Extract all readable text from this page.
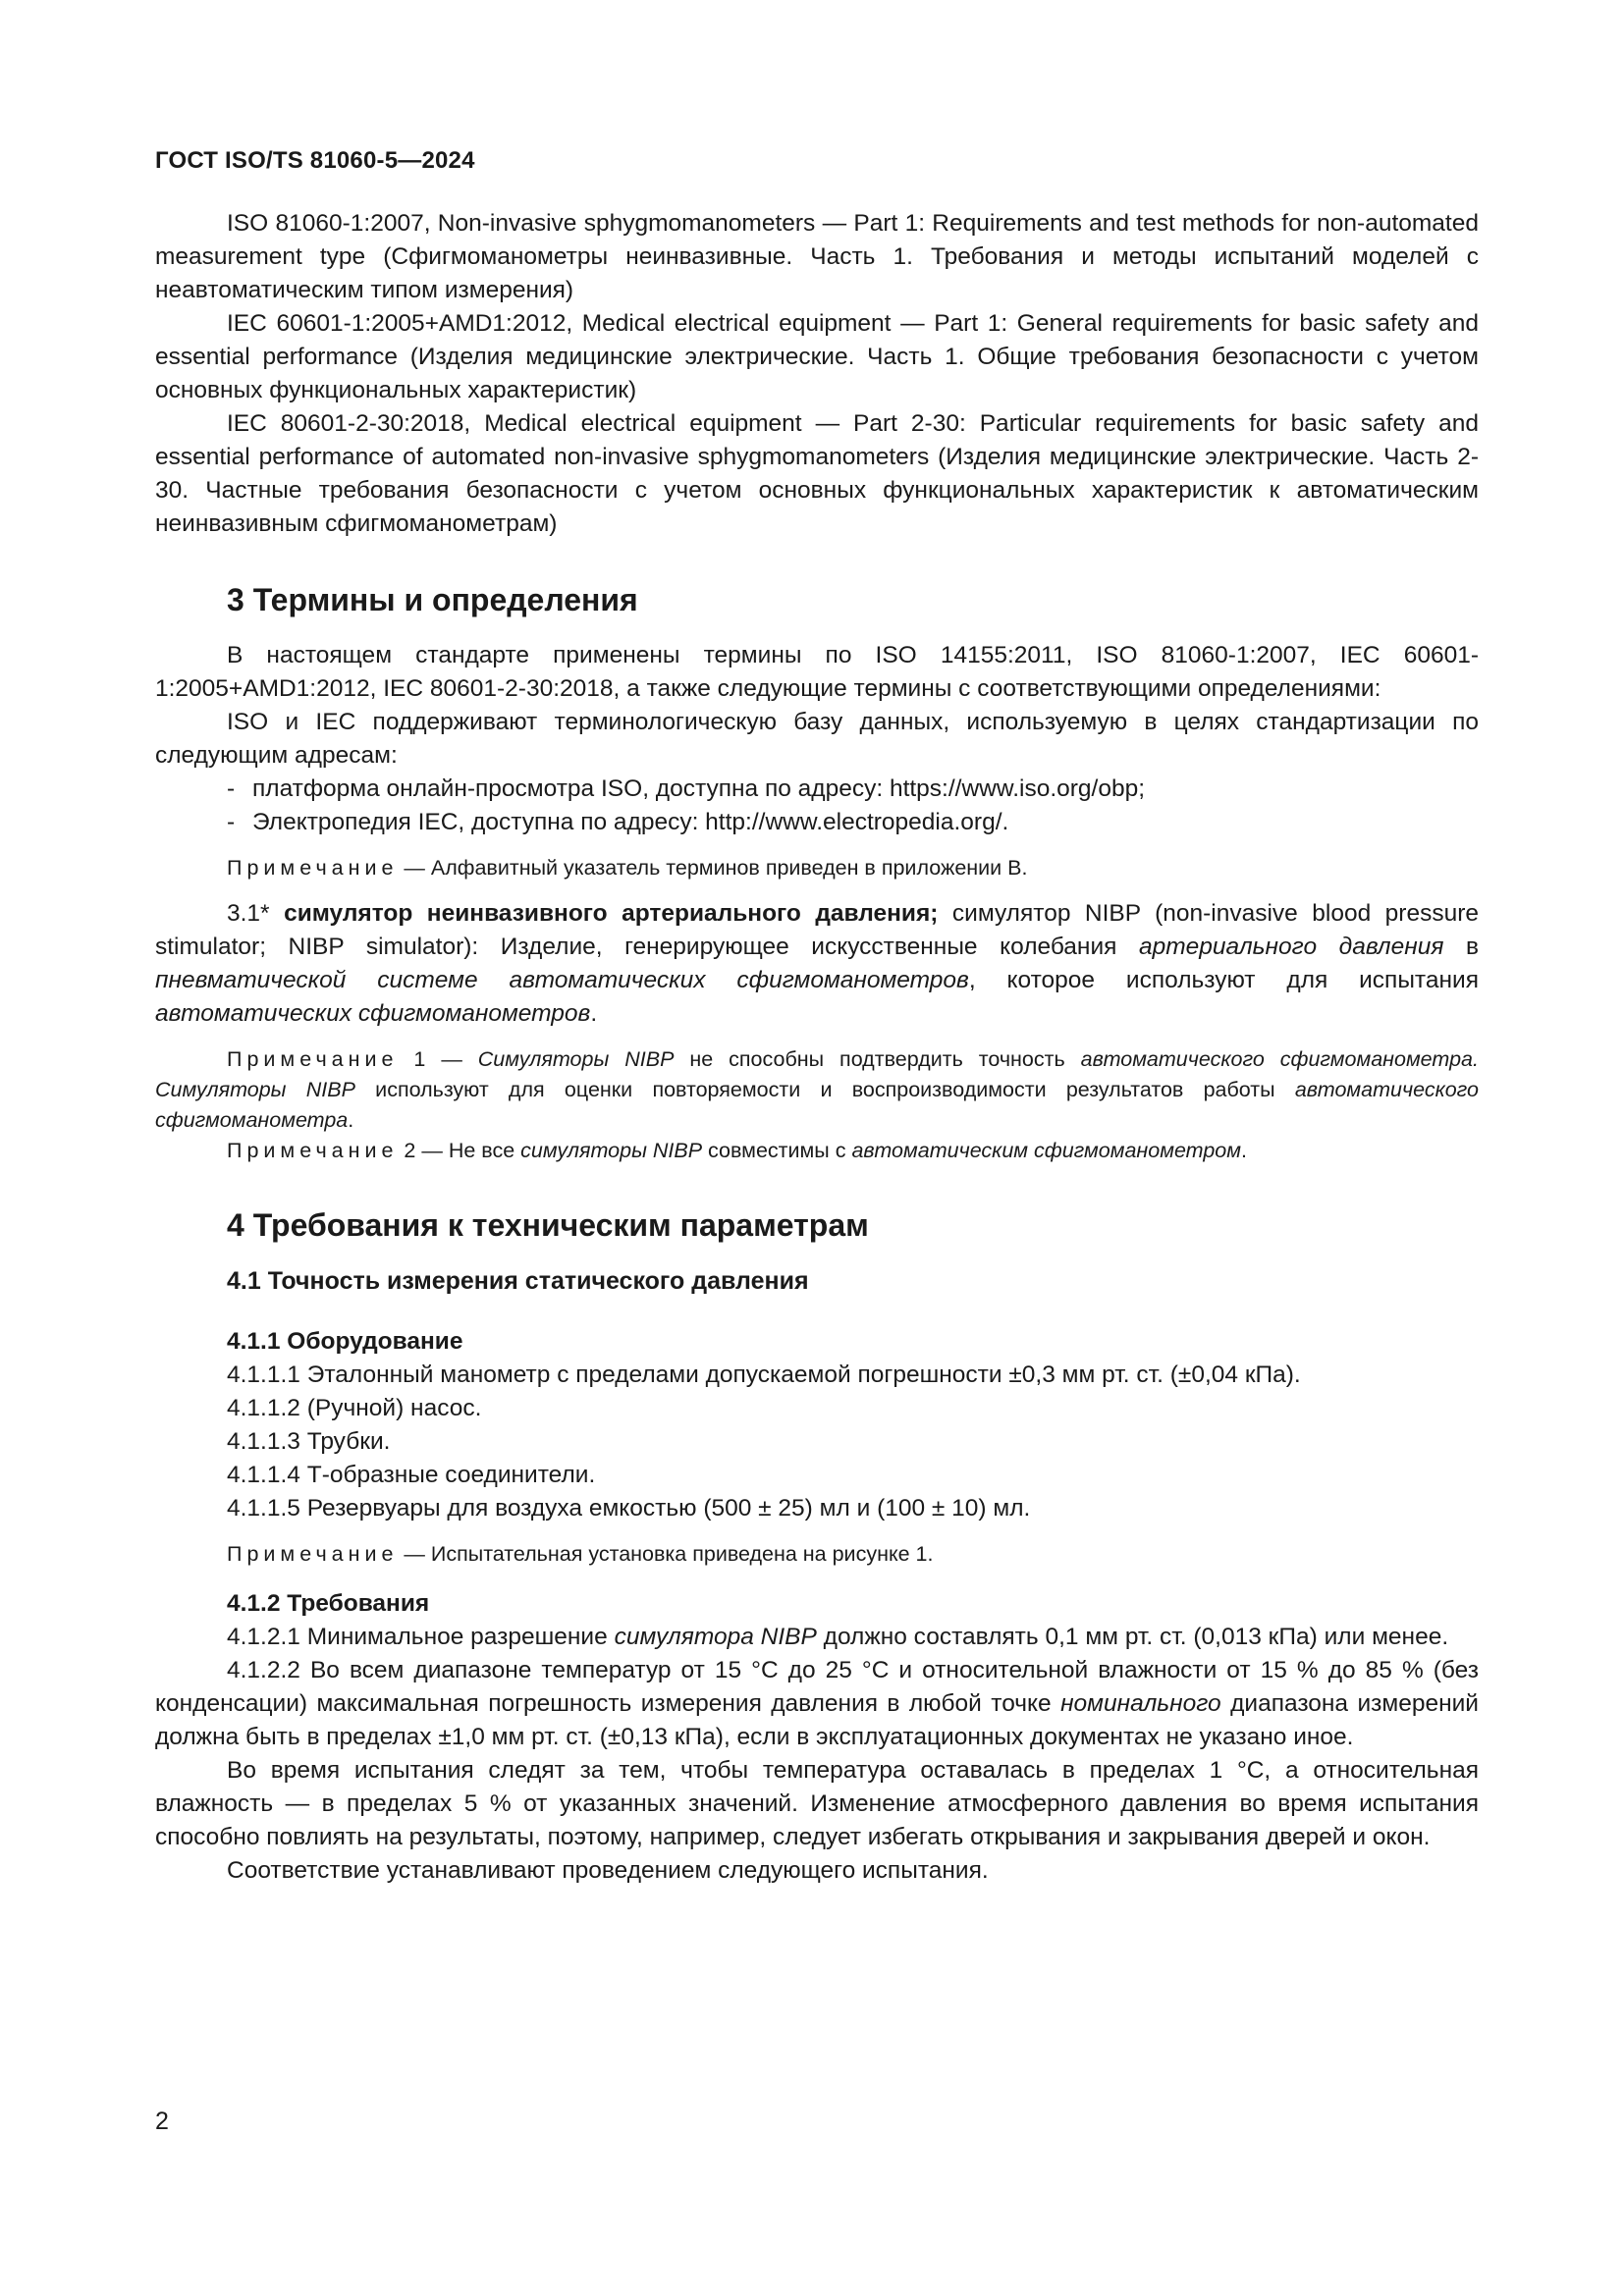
ГОСТ ISO/TS 81060-5—2024

ISO 81060-1:2007, Non-invasive sphygmomanometers — Part 1: Requirements and test methods for non-automated measurement type (Сфигмоманометры неинвазивные. Часть 1. Требования и методы испытаний моделей с неавтоматическим типом измерения)

IEC 60601-1:2005+AMD1:2012, Medical electrical equipment — Part 1: General requirements for basic safety and essential performance (Изделия медицинские электрические. Часть 1. Общие требования безопасности с учетом основных функциональных характеристик)

IEC 80601-2-30:2018, Medical electrical equipment — Part 2-30: Particular requirements for basic safety and essential performance of automated non-invasive sphygmomanometers (Изделия медицинские электрические. Часть 2-30. Частные требования безопасности с учетом основных функциональных характеристик к автоматическим неинвазивным сфигмоманометрам)

3 Термины и определения

В настоящем стандарте применены термины по ISO 14155:2011, ISO 81060-1:2007, IEC 60601-1:2005+AMD1:2012, IEC 80601-2-30:2018, а также следующие термины с соответствующими определениями:

ISO и IEC поддерживают терминологическую базу данных, используемую в целях стандартизации по следующим адресам:

- платформа онлайн-просмотра ISO, доступна по адресу: https://www.iso.org/obp;

- Электропедия IEC, доступна по адресу: http://www.electropedia.org/.

Примечание — Алфавитный указатель терминов приведен в приложении В.

3.1* симулятор неинвазивного артериального давления; симулятор NIBP (non-invasive blood pressure stimulator; NIBP simulator): Изделие, генерирующее искусственные колебания артериального давления в пневматической системе автоматических сфигмоманометров, которое используют для испытания автоматических сфигмоманометров.

Примечание 1 — Симуляторы NIBP не способны подтвердить точность автоматического сфигмоманометра. Симуляторы NIBP используют для оценки повторяемости и воспроизводимости результатов работы автоматического сфигмоманометра.

Примечание 2 — Не все симуляторы NIBP совместимы с автоматическим сфигмоманометром.

4 Требования к техническим параметрам
4.1 Точность измерения статического давления
4.1.1 Оборудование

4.1.1.1 Эталонный манометр с пределами допускаемой погрешности ±0,3 мм рт. ст. (±0,04 кПа).

4.1.1.2 (Ручной) насос.

4.1.1.3 Трубки.

4.1.1.4 Т-образные соединители.

4.1.1.5 Резервуары для воздуха емкостью (500 ± 25) мл и (100 ± 10) мл.

Примечание — Испытательная установка приведена на рисунке 1.

4.1.2 Требования

4.1.2.1 Минимальное разрешение симулятора NIBP должно составлять 0,1 мм рт. ст. (0,013 кПа) или менее.

4.1.2.2 Во всем диапазоне температур от 15 °C до 25 °C и относительной влажности от 15 % до 85 % (без конденсации) максимальная погрешность измерения давления в любой точке номинального диапазона измерений должна быть в пределах ±1,0 мм рт. ст. (±0,13 кПа), если в эксплуатационных документах не указано иное.

Во время испытания следят за тем, чтобы температура оставалась в пределах 1 °C, а относительная влажность — в пределах 5 % от указанных значений. Изменение атмосферного давления во время испытания способно повлиять на результаты, поэтому, например, следует избегать открывания и закрывания дверей и окон.

Соответствие устанавливают проведением следующего испытания.

2
